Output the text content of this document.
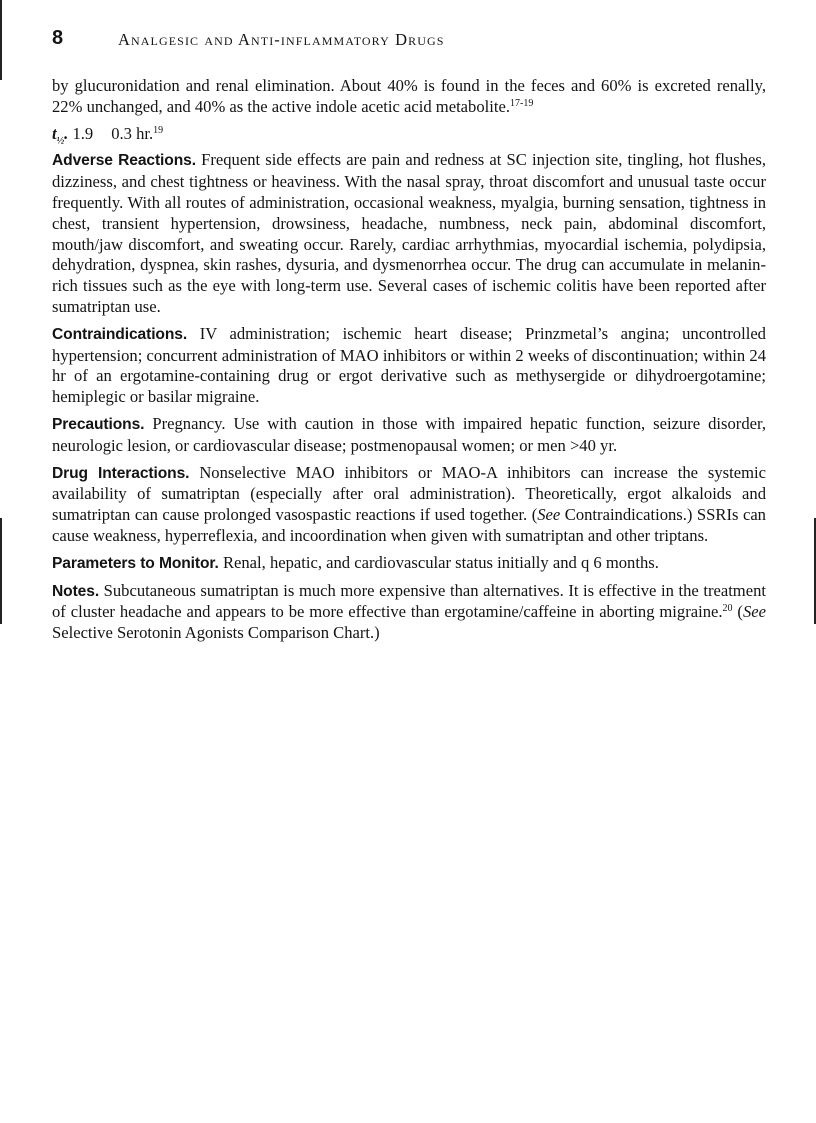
8	Analgesic and Anti-inflammatory Drugs

by glucuronidation and renal elimination. About 40% is found in the feces and 60% is excreted renally, 22% unchanged, and 40% as the active indole acetic acid metabolite.$^{17-19}$

$t_{\frac{1}{2}}$. 1.9 0.3 hr.$^{19}$

Adverse Reactions. Frequent side effects are pain and redness at SC injection site, tingling, hot flushes, dizziness, and chest tightness or heaviness. With the nasal spray, throat discomfort and unusual taste occur frequently. With all routes of administration, occasional weakness, myalgia, burning sensation, tightness in chest, transient hypertension, drowsiness, headache, numbness, neck pain, abdominal discomfort, mouth/jaw discomfort, and sweating occur. Rarely, cardiac arrhythmias, myocardial ischemia, polydipsia, dehydration, dyspnea, skin rashes, dysuria, and dysmenorrhea occur. The drug can accumulate in melanin-rich tissues such as the eye with long-term use. Several cases of ischemic colitis have been reported after sumatriptan use.

Contraindications. IV administration; ischemic heart disease; Prinzmetal’s angina; uncontrolled hypertension; concurrent administration of MAO inhibitors or within 2 weeks of discontinuation; within 24 hr of an ergotamine-containing drug or ergot derivative such as methysergide or dihydroergotamine; hemiplegic or basilar migraine.

Precautions. Pregnancy. Use with caution in those with impaired hepatic function, seizure disorder, neurologic lesion, or cardiovascular disease; postmenopausal women; or men >40 yr.

Drug Interactions. Nonselective MAO inhibitors or MAO-A inhibitors can increase the systemic availability of sumatriptan (especially after oral administration). Theoretically, ergot alkaloids and sumatriptan can cause prolonged vasospastic reactions if used together. (See Contraindications.) SSRIs can cause weakness, hyperreflexia, and incoordination when given with sumatriptan and other triptans.

Parameters to Monitor. Renal, hepatic, and cardiovascular status initially and q 6 months.

Notes. Subcutaneous sumatriptan is much more expensive than alternatives. It is effective in the treatment of cluster headache and appears to be more effective than ergotamine/caffeine in aborting migraine.$^{20}$ (See Selective Serotonin Agonists Comparison Chart.)
